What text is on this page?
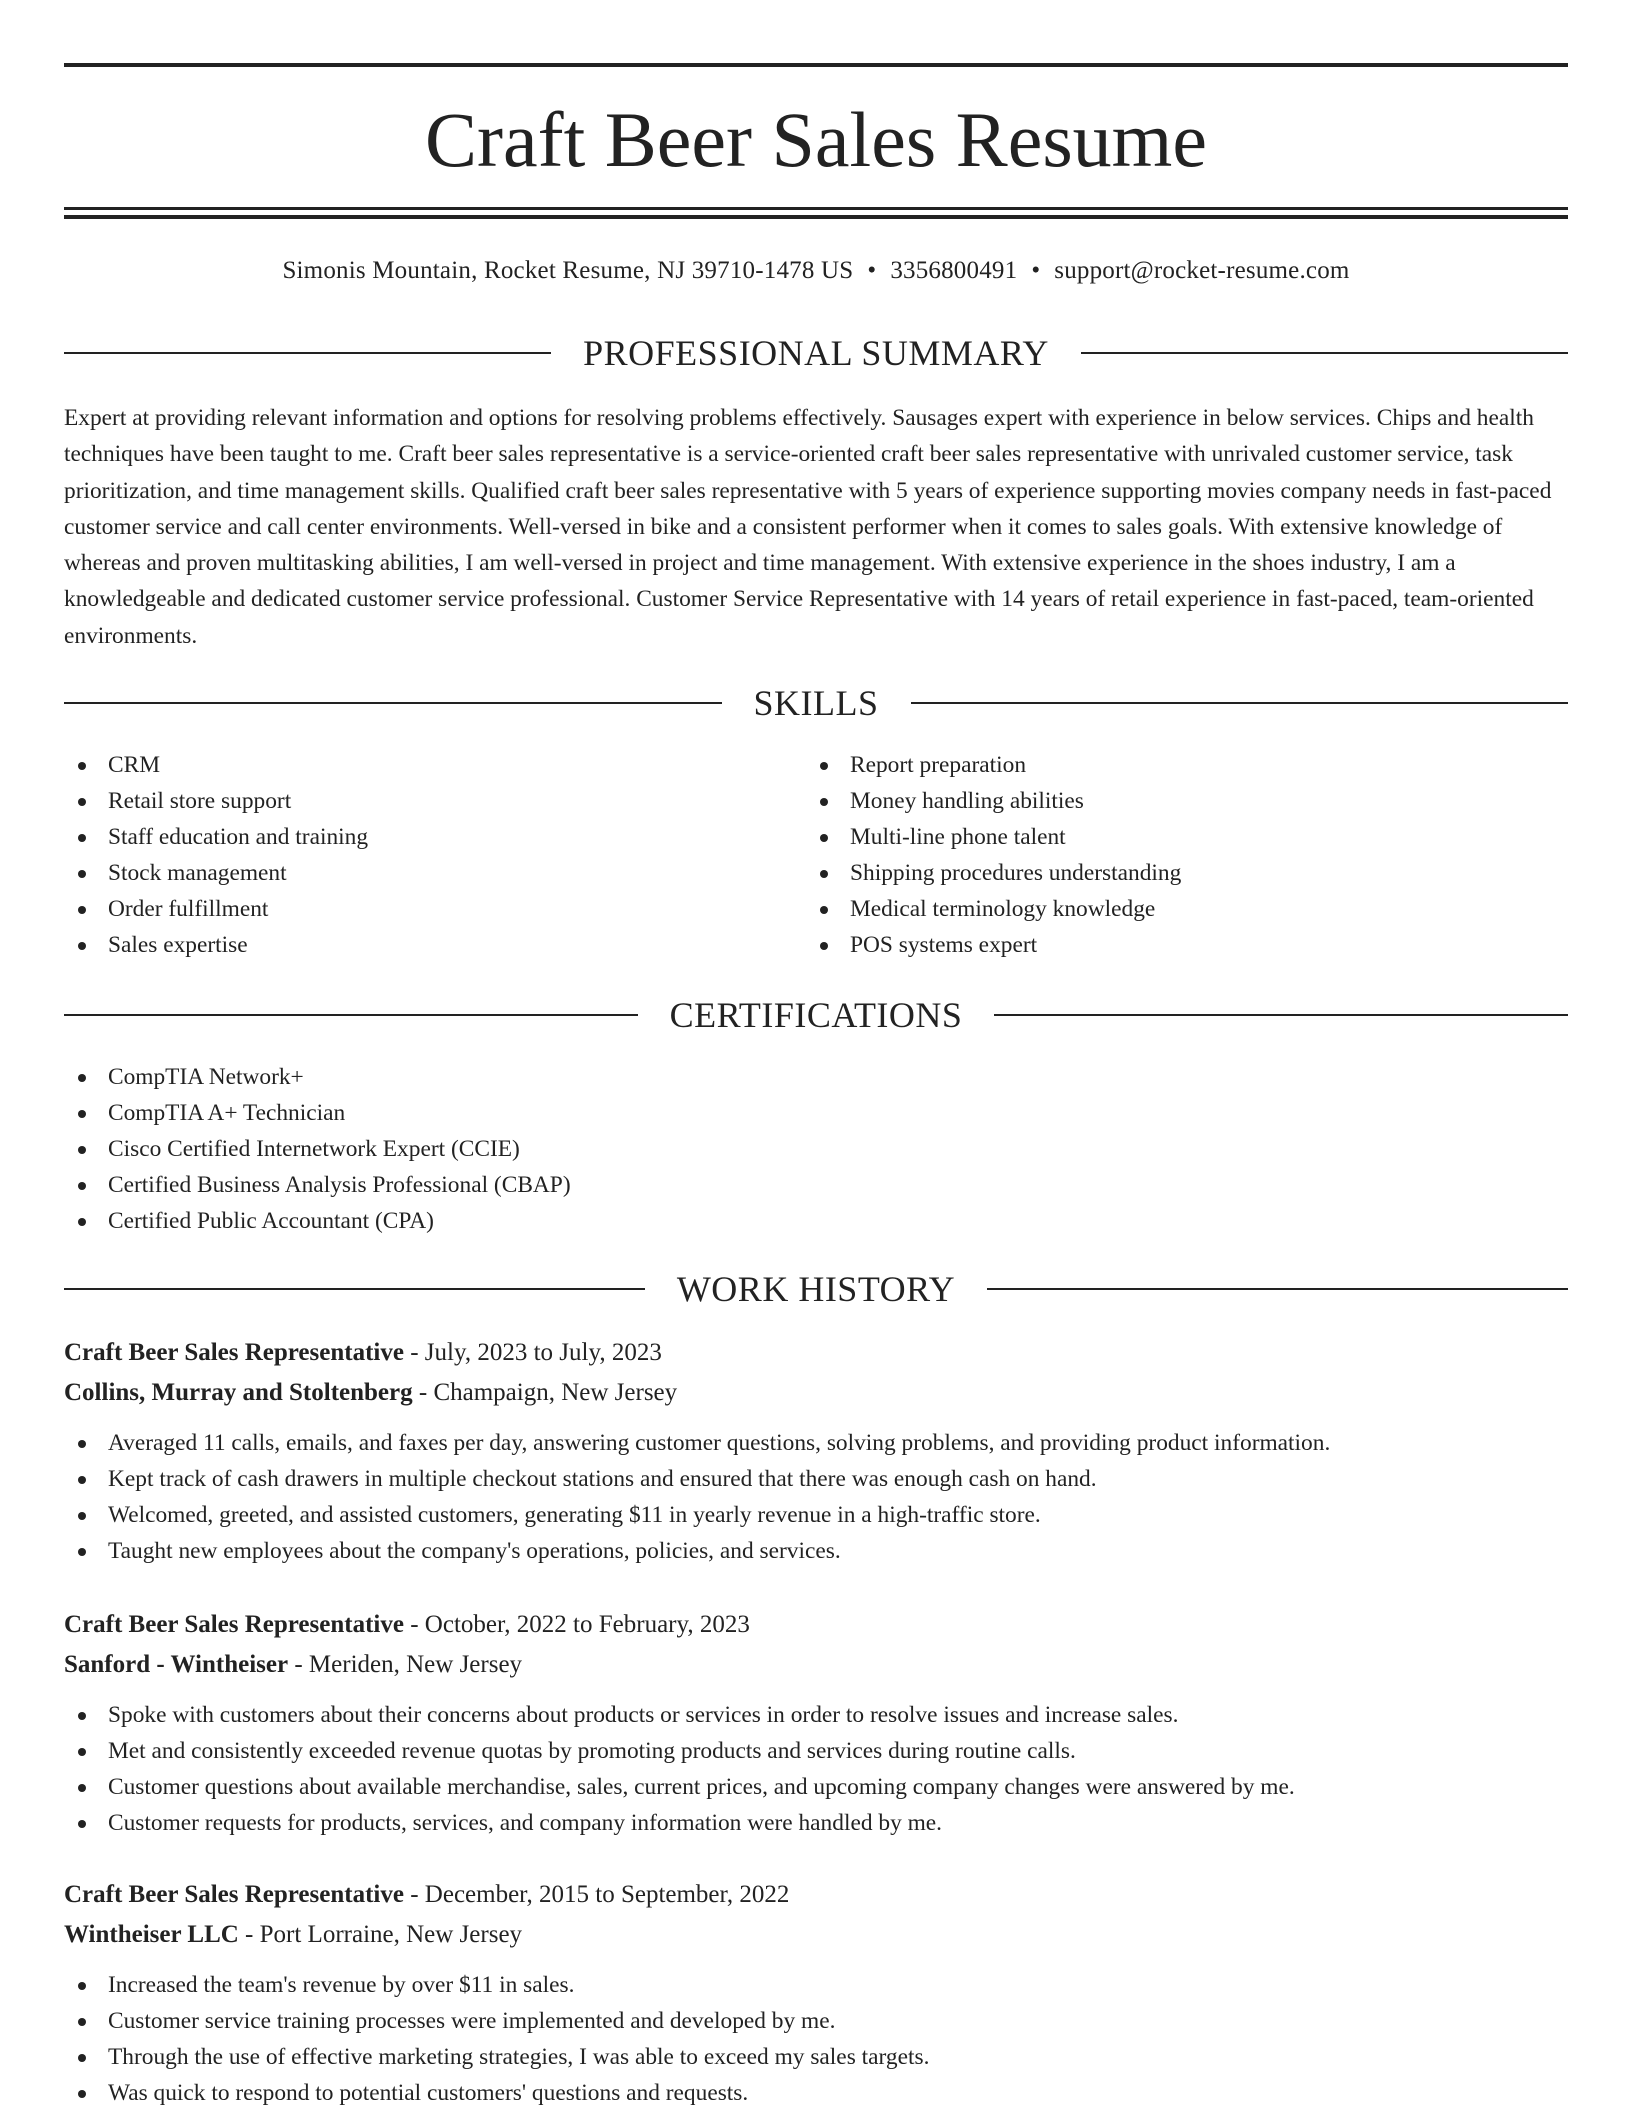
Craft Beer Sales Resume
Simonis Mountain, Rocket Resume, NJ 39710-1478 US • 3356800491 • support@rocket-resume.com
PROFESSIONAL SUMMARY

Expert at providing relevant information and options for resolving problems effectively. Sausages expert with experience in below services. Chips and health techniques have been taught to me. Craft beer sales representative is a service-oriented craft beer sales representative with unrivaled customer service, task prioritization, and time management skills. Qualified craft beer sales representative with 5 years of experience supporting movies company needs in fast-paced customer service and call center environments. Well-versed in bike and a consistent performer when it comes to sales goals. With extensive knowledge of whereas and proven multitasking abilities, I am well-versed in project and time management. With extensive experience in the shoes industry, I am a knowledgeable and dedicated customer service professional. Customer Service Representative with 14 years of retail experience in fast-paced, team-oriented environments.

SKILLS
CRM
Retail store support
Staff education and training
Stock management
Order fulfillment
Sales expertise
Report preparation
Money handling abilities
Multi-line phone talent
Shipping procedures understanding
Medical terminology knowledge
POS systems expert
CERTIFICATIONS
CompTIA Network+
CompTIA A+ Technician
Cisco Certified Internetwork Expert (CCIE)
Certified Business Analysis Professional (CBAP)
Certified Public Accountant (CPA)
WORK HISTORY
Craft Beer Sales Representative - July, 2023 to July, 2023
Collins, Murray and Stoltenberg - Champaign, New Jersey
Averaged 11 calls, emails, and faxes per day, answering customer questions, solving problems, and providing product information.
Kept track of cash drawers in multiple checkout stations and ensured that there was enough cash on hand.
Welcomed, greeted, and assisted customers, generating $11 in yearly revenue in a high-traffic store.
Taught new employees about the company's operations, policies, and services.
Craft Beer Sales Representative - October, 2022 to February, 2023
Sanford - Wintheiser - Meriden, New Jersey
Spoke with customers about their concerns about products or services in order to resolve issues and increase sales.
Met and consistently exceeded revenue quotas by promoting products and services during routine calls.
Customer questions about available merchandise, sales, current prices, and upcoming company changes were answered by me.
Customer requests for products, services, and company information were handled by me.
Craft Beer Sales Representative - December, 2015 to September, 2022
Wintheiser LLC - Port Lorraine, New Jersey
Increased the team's revenue by over $11 in sales.
Customer service training processes were implemented and developed by me.
Through the use of effective marketing strategies, I was able to exceed my sales targets.
Was quick to respond to potential customers' questions and requests.
